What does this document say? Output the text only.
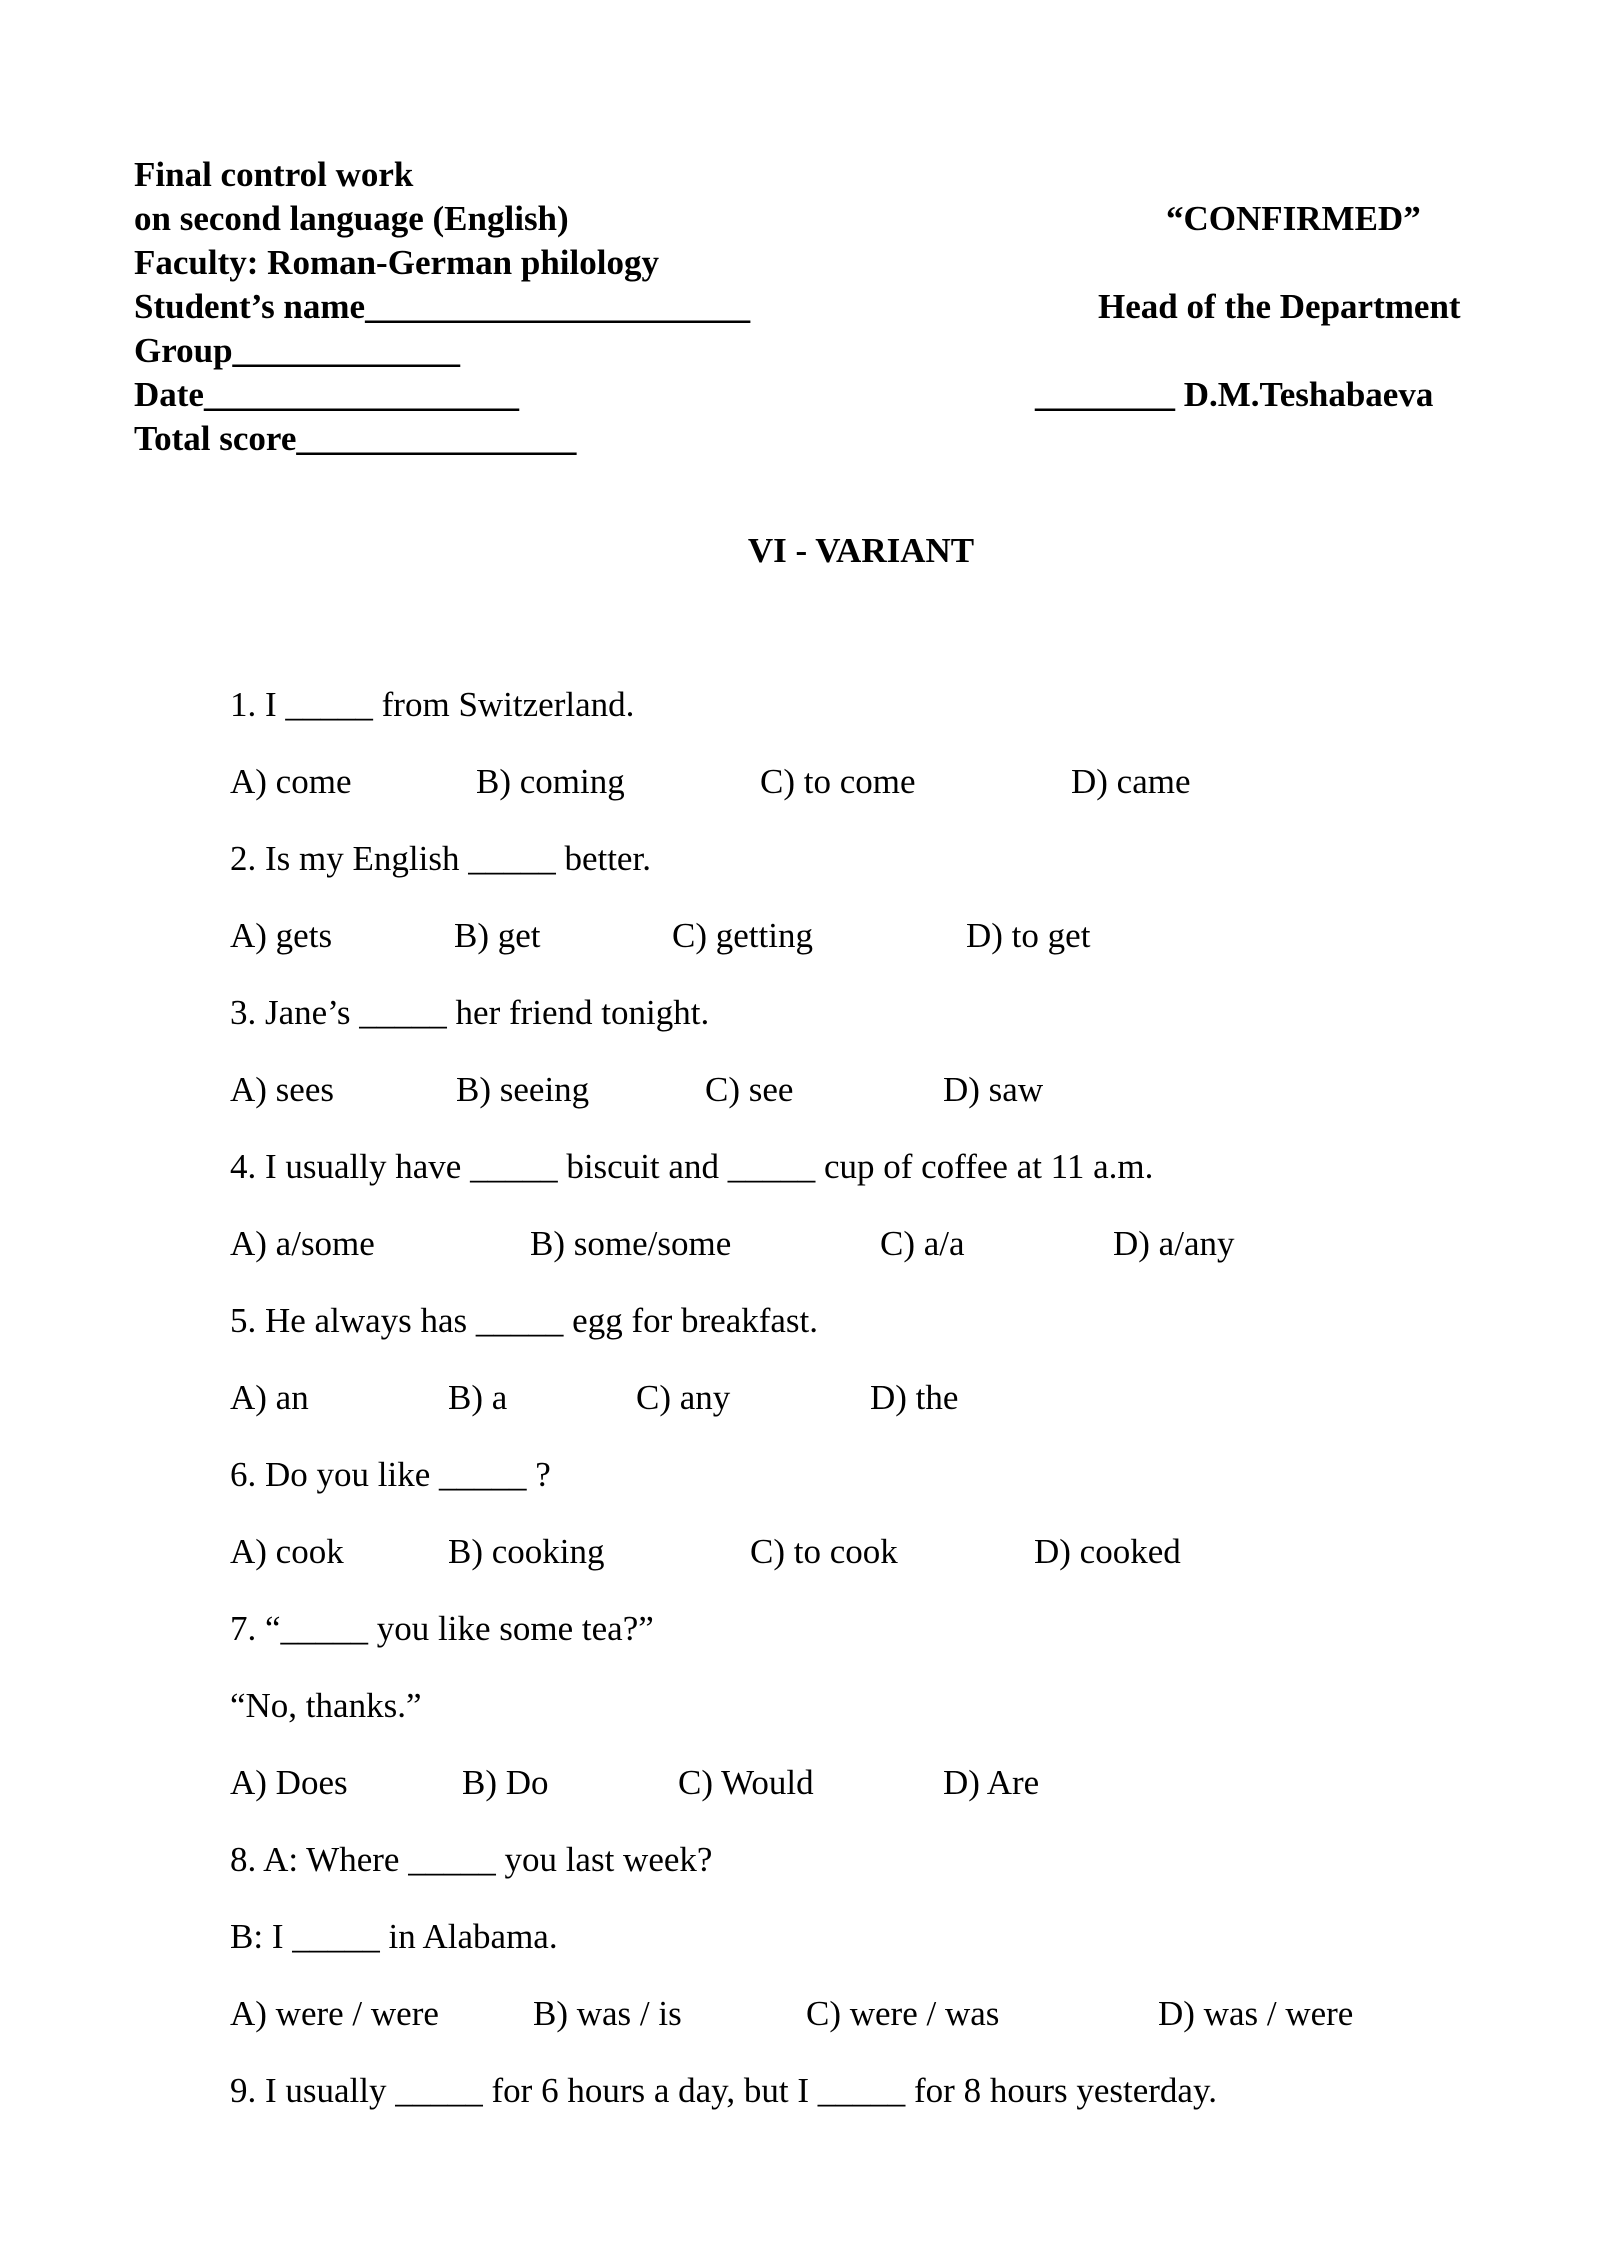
Final control work
on second language (English)
Faculty: Roman-German philology
Student’s name______________________
Group_____________
Date__________________
Total score________________
“CONFIRMED”
Head of the Department
________ D.M.Teshabaeva
VI - VARIANT
1. I _____ from Switzerland.
A) come	B) coming	C) to come	D) came
2. Is my English _____ better.
A) gets	B) get	C) getting	D) to get
3. Jane’s _____ her friend tonight.
A) sees	B) seeing	C) see	D) saw
4. I usually have _____ biscuit and _____ cup of coffee at 11 a.m.
A) a/some	B) some/some	C) a/a	D) a/any
5. He always has _____ egg for breakfast.
A) an	B) a	C) any	D) the
6. Do you like _____ ?
A) cook	B) cooking	C) to cook	D) cooked
7. “_____ you like some tea?”
“No, thanks.”
A) Does	B) Do	C) Would	D) Are
8. A: Where _____ you last week?
B: I _____ in Alabama.
A) were / were	B) was / is	C) were / was	D) was / were
9. I usually _____ for 6 hours a day, but I _____ for 8 hours yesterday.
